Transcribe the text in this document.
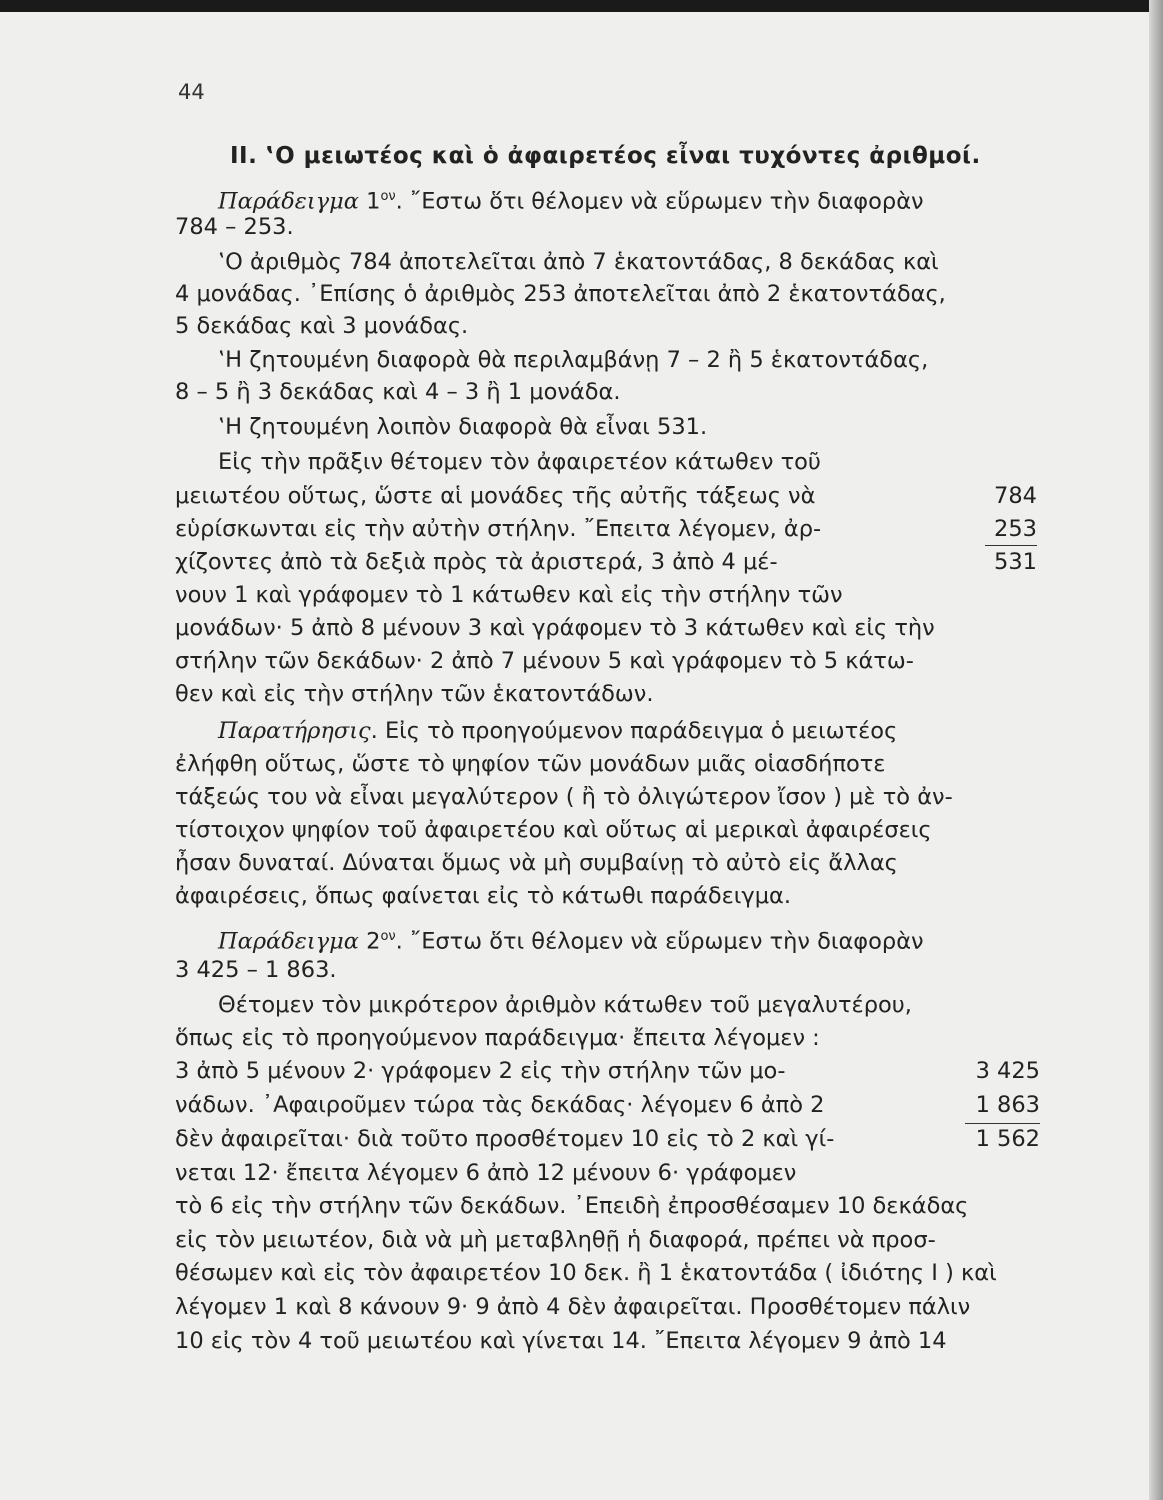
44
II. ‛Ο μειωτέος καὶ ὁ ἀφαιρετέος εἶναι τυχόντες ἀριθμοί.
Παράδειγμα $1^{o\nu}$. ῎Εστω ὅτι θέλομεν νὰ εὕρωμεν τὴν διαφορὰν
784 – 253.
‛Ο ἀριθμὸς 784 ἀποτελεῖται ἀπὸ 7 ἑκατοντάδας, 8 δεκάδας καὶ
4 μονάδας. ᾿Επίσης ὁ ἀριθμὸς 253 ἀποτελεῖται ἀπὸ 2 ἑκατοντάδας,
5 δεκάδας καὶ 3 μονάδας.
‛Η ζητουμένη διαφορὰ θὰ περιλαμβάνῃ 7 – 2 ἢ 5 ἑκατοντάδας,
8 – 5 ἢ 3 δεκάδας καὶ 4 – 3 ἢ 1 μονάδα.
‛Η ζητουμένη λοιπὸν διαφορὰ θὰ εἶναι 531.
Εἰς τὴν πρᾶξιν θέτομεν τὸν ἀφαιρετέον κάτωθεν τοῦ
μειωτέου οὕτως, ὥστε αἱ μονάδες τῆς αὐτῆς τάξεως νὰ
εὑρίσκωνται εἰς τὴν αὐτὴν στήλην. ῎Επειτα λέγομεν, ἀρ-
χίζοντες ἀπὸ τὰ δεξιὰ πρὸς τὰ ἀριστερά, 3 ἀπὸ 4 μέ-
νουν 1 καὶ γράφομεν τὸ 1 κάτωθεν καὶ εἰς τὴν στήλην τῶν
μονάδων· 5 ἀπὸ 8 μένουν 3 καὶ γράφομεν τὸ 3 κάτωθεν καὶ εἰς τὴν
στήλην τῶν δεκάδων· 2 ἀπὸ 7 μένουν 5 καὶ γράφομεν τὸ 5 κάτω-
θεν καὶ εἰς τὴν στήλην τῶν ἑκατοντάδων.
784
253
531
Παρατήρησις. Εἰς τὸ προηγούμενον παράδειγμα ὁ μειωτέος
ἐλήφθη οὕτως, ὥστε τὸ ψηφίον τῶν μονάδων μιᾶς οἱασδήποτε
τάξεώς του νὰ εἶναι μεγαλύτερον ( ἢ τὸ ὀλιγώτερον ἴσον ) μὲ τὸ ἀν-
τίστοιχον ψηφίον τοῦ ἀφαιρετέου καὶ οὕτως αἱ μερικαὶ ἀφαιρέσεις
ἦσαν δυναταί. Δύναται ὅμως νὰ μὴ συμβαίνῃ τὸ αὐτὸ εἰς ἄλλας
ἀφαιρέσεις, ὅπως φαίνεται εἰς τὸ κάτωθι παράδειγμα.
Παράδειγμα $2^{o\nu}$. ῎Εστω ὅτι θέλομεν νὰ εὕρωμεν τὴν διαφορὰν
3 425 – 1 863.
Θέτομεν τὸν μικρότερον ἀριθμὸν κάτωθεν τοῦ μεγαλυτέρου,
ὅπως εἰς τὸ προηγούμενον παράδειγμα· ἔπειτα λέγομεν :
3 ἀπὸ 5 μένουν 2· γράφομεν 2 εἰς τὴν στήλην τῶν μο-
νάδων. ᾿Αφαιροῦμεν τώρα τὰς δεκάδας· λέγομεν 6 ἀπὸ 2
δὲν ἀφαιρεῖται· διὰ τοῦτο προσθέτομεν 10 εἰς τὸ 2 καὶ γί-
νεται 12· ἔπειτα λέγομεν 6 ἀπὸ 12 μένουν 6· γράφομεν
τὸ 6 εἰς τὴν στήλην τῶν δεκάδων. ᾿Επειδὴ ἐπροσθέσαμεν 10 δεκάδας
εἰς τὸν μειωτέον, διὰ νὰ μὴ μεταβληθῇ ἡ διαφορά, πρέπει νὰ προσ-
θέσωμεν καὶ εἰς τὸν ἀφαιρετέον 10 δεκ. ἢ 1 ἑκατοντάδα ( ἰδιότης I ) καὶ
λέγομεν 1 καὶ 8 κάνουν 9· 9 ἀπὸ 4 δὲν ἀφαιρεῖται. Προσθέτομεν πάλιν
10 εἰς τὸν 4 τοῦ μειωτέου καὶ γίνεται 14. ῎Επειτα λέγομεν 9 ἀπὸ 14
3 425
1 863
1 562
